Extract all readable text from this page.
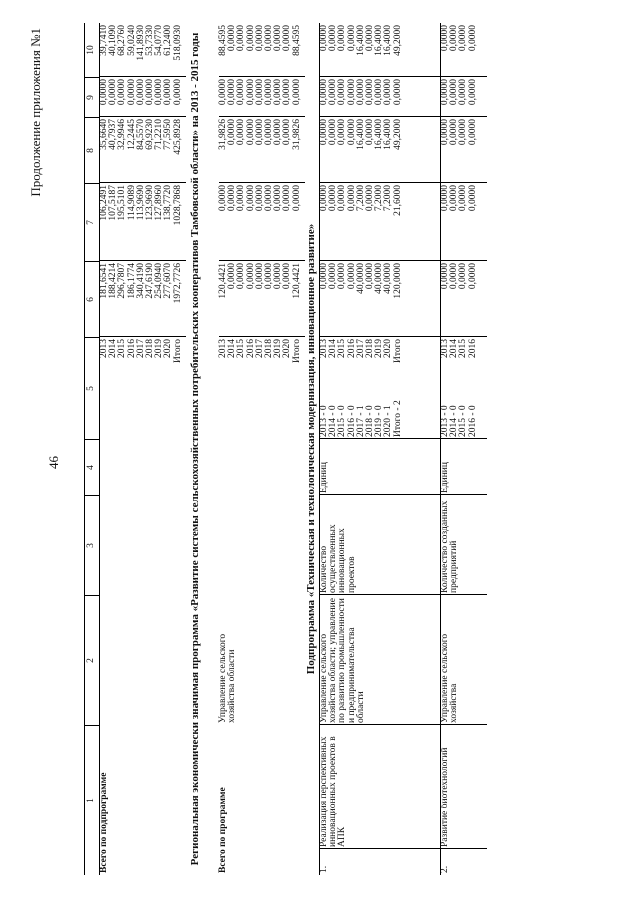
Продолжение приложения №1
46
1
2
3
4
5
6
7
8
9
10
Всего по подпрограмме
2013 2014 2015 2016 2017 2018 2019 2020 Итого
181,6541 188,4214 296,7807 186,1774 340,4190 247,6190 254,0940 277,6070 1972,7726
106,2491 107,5187 195,5101 114,9089 113,9690 123,9690 127,8960 138,7720 1028,7868
35,6640 40,7937 32,9946 12,2445 84,5570 69,9230 71,2210 77,5950 425,8928
0,0000 0,0000 0,0000 0,0000 0,0000 0,0000 0,0000 0,0000 0,0000
39,7410 40,1090 68,2760 59,0240 141,8930 53,7330 54,0770 61,2400 518,0930 Региональная экономически значимая программа «Развитие системы сельскохозяйственных потребительских кооперативов Тамбовской области» на 2013 - 2015 годы	Всего по программе
Управление сельского хозяйства области
2013 2014 2015 2016 2017 2018 2019 2020 Итого
120,4421 0,0000 0,0000 0,0000 0,0000 0,0000 0,0000 0,0000 120,4421
0,0000 0,0000 0,0000 0,0000 0,0000 0,0000 0,0000 0,0000 0,0000
31,9826 0,0000 0,0000 0,0000 0,0000 0,0000 0,0000 0,0000 31,9826
0,0000 0,0000 0,0000 0,0000 0,0000 0,0000 0,0000 0,0000 0,0000
88,4595 0,0000 0,0000 0,0000 0,0000 0,0000 0,0000 0,0000 88,4595
Подпрограмма «Техническая и технологическая модернизация, инновационное развитие»
1.
Реализация перспективных инновационных проектов в АПК
Управление сельского хозяйства области; управление по развитию промышленности и предпринимательства области
Количество осуществленных инновационных проектов
Единиц
2013 - 0 2014 - 0 2015 - 0 2016 - 0 2017 - 1 2018 - 0 2019 - 0 2020 - 1 Итого - 2
2013 2014 2015 2016 2017 2018 2019 2020 Итого
0,0000 0,0000 0,0000 0,0000 40,0000 0,0000 40,0000 40,0000 120,0000
0,0000 0,0000 0,0000 0,0000 7,2000 0,0000 7,2000 7,2000 21,6000
0,0000 0,0000 0,0000 0,0000 16,4000 0,0000 16,4000 16,4000 49,2000
0,0000 0,0000 0,0000 0,0000 0,0000 0,0000 0,0000 0,0000 0,0000
0,0000 0,0000 0,0000 0,0000 16,4000 0,0000 16,4000 16,4000 49,2000
2.
Развитие биотехнологий
Управление сельского хозяйства
Количество созданных предприятий
Единиц
2013 - 0 2014 - 0 2015 - 0 2016 - 0
2013 2014 2015 2016
0,0000 0,0000 0,0000 0,0000
0,0000 0,0000 0,0000 0,0000
0,0000 0,0000 0,0000 0,0000
0,0000 0,0000 0,0000 0,0000
0,0000 0,0000 0,0000 0,0000
